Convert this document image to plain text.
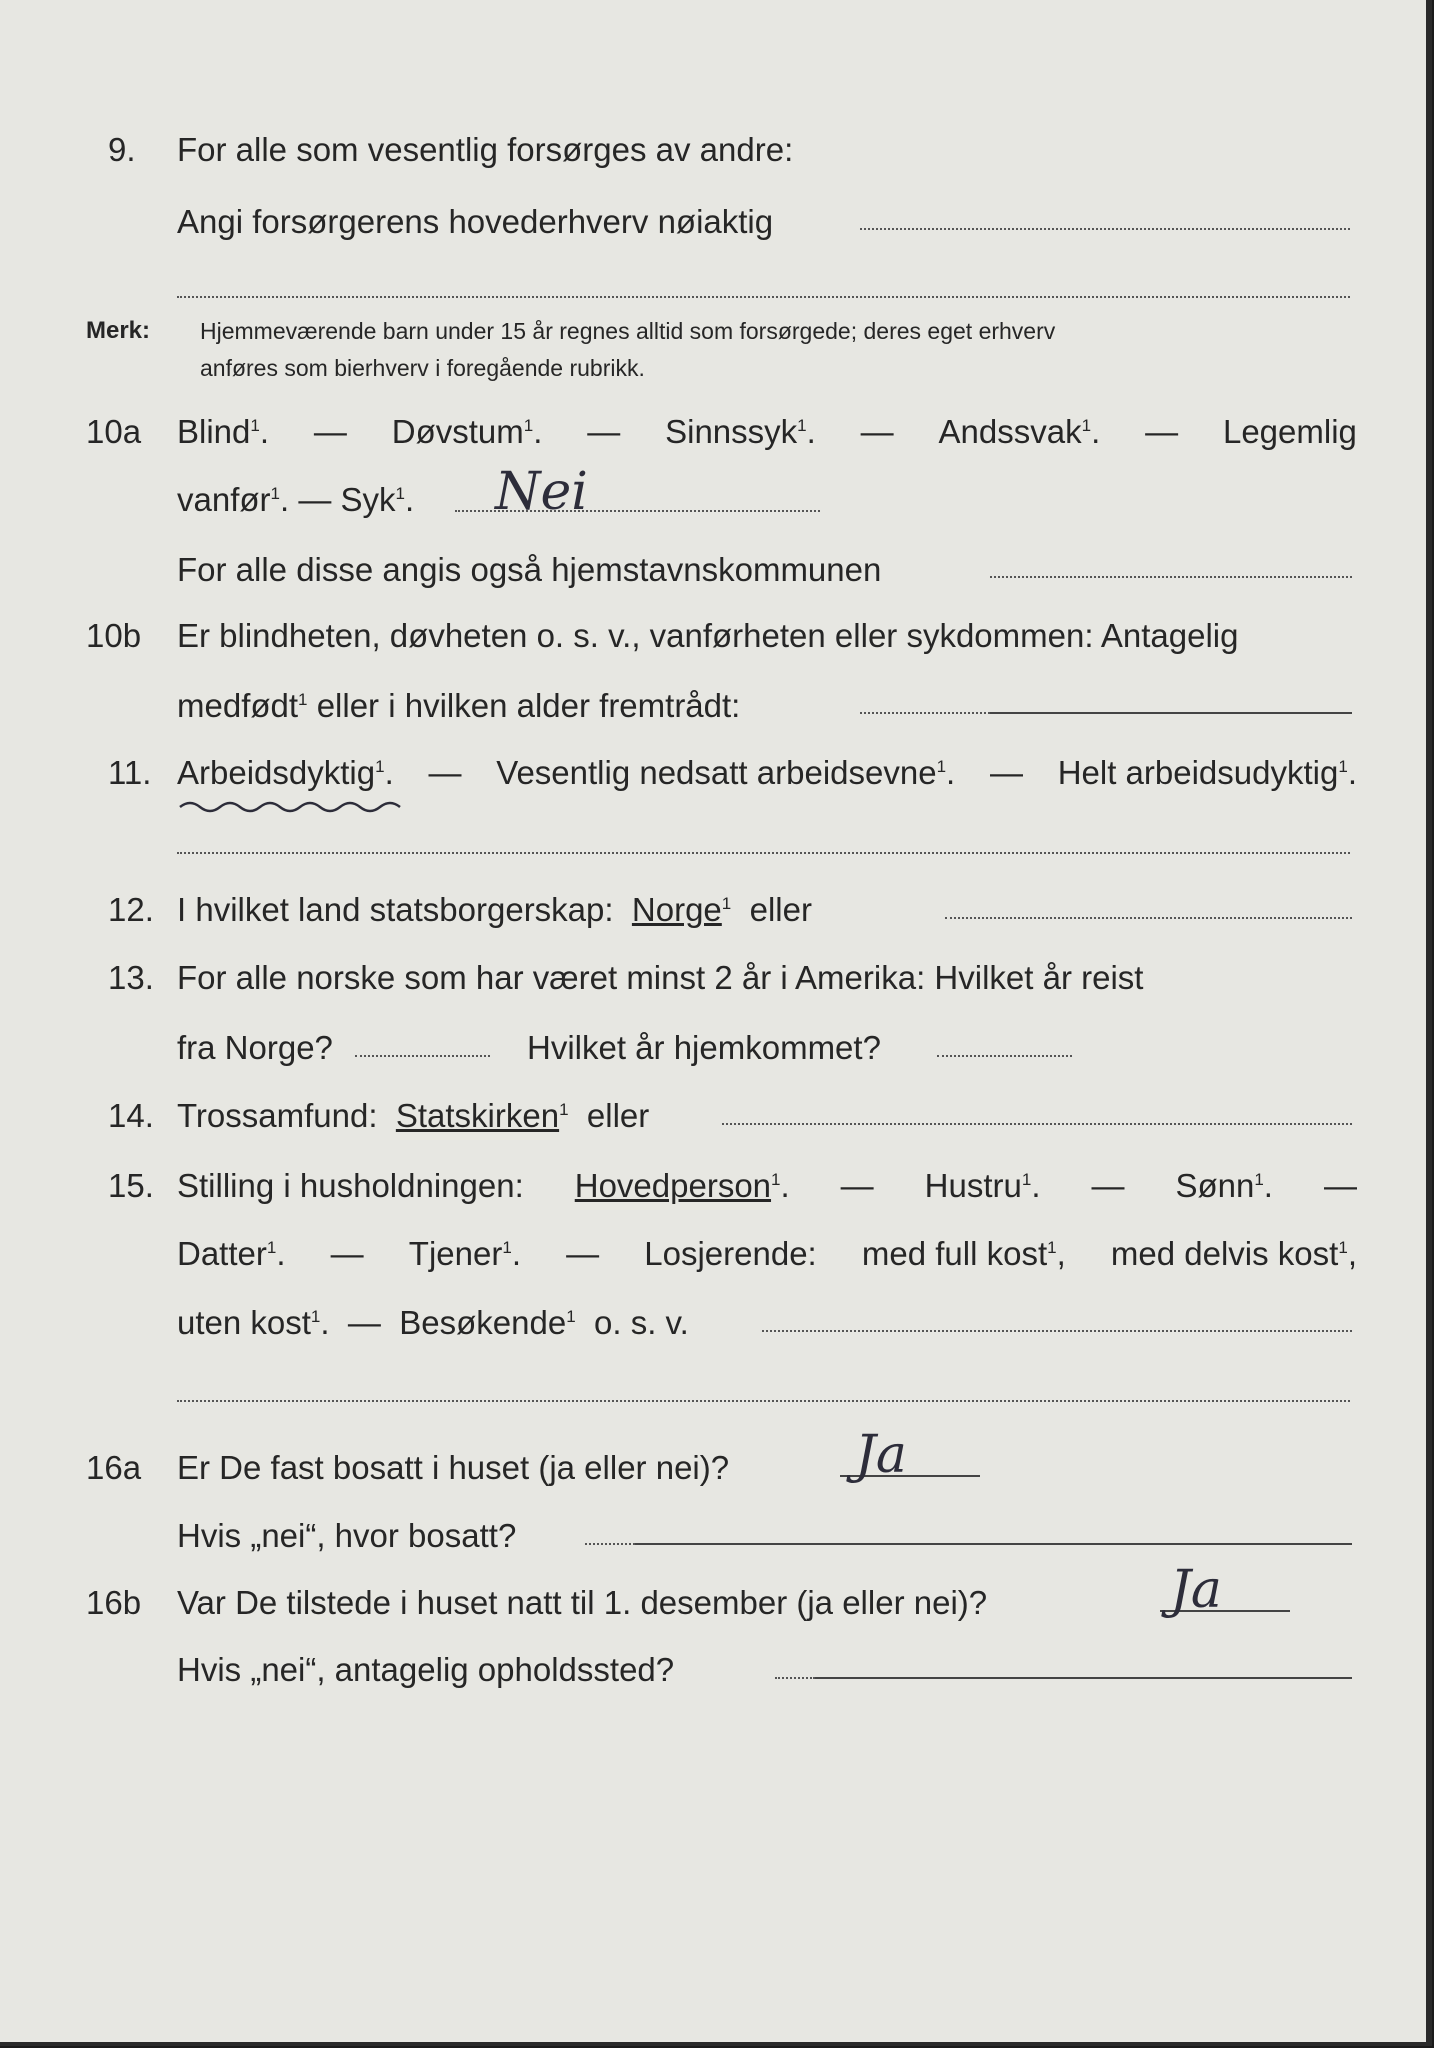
9. For alle som vesentlig forsørges av andre:
Angi forsørgerens hovederhverv nøiaktig
Merk: Hjemmeværende barn under 15 år regnes alltid som forsørgede; deres eget erhverv
anføres som bierhverv i foregående rubrikk.
10a Blind$^1$. — Døvstum$^1$. — Sinnssyk$^1$. — Andssvak$^1$. — Legemlig
vanfør$^1$. — Syk$^1$. Nei
For alle disse angis også hjemstavnskommunen
10b Er blindheten, døvheten o. s. v., vanførheten eller sykdommen: Antagelig
medfødt$^1$ eller i hvilken alder fremtrådt:
11. Arbeidsdyktig$^1$. — Vesentlig nedsatt arbeidsevne$^1$. — Helt arbeidsudyktig$^1$.
12. I hvilket land statsborgerskap: Norge$^1$ eller
13. For alle norske som har været minst 2 år i Amerika: Hvilket år reist
fra Norge?	Hvilket år hjemkommet?
14. Trossamfund: Statskirken$^1$ eller
15. Stilling i husholdningen: Hovedperson$^1$. — Hustru$^1$. — Sønn$^1$. —
Datter$^1$. — Tjener$^1$. — Losjerende: med full kost$^1$, med delvis kost$^1$,
uten kost$^1$.  — Besøkende$^1$ o. s. v.
16a Er De fast bosatt i huset (ja eller nei)? Ja
Hvis „nei“, hvor bosatt?
16b Var De tilstede i huset natt til 1. desember (ja eller nei)?	Ja
Hvis „nei“, antagelig opholdssted?
